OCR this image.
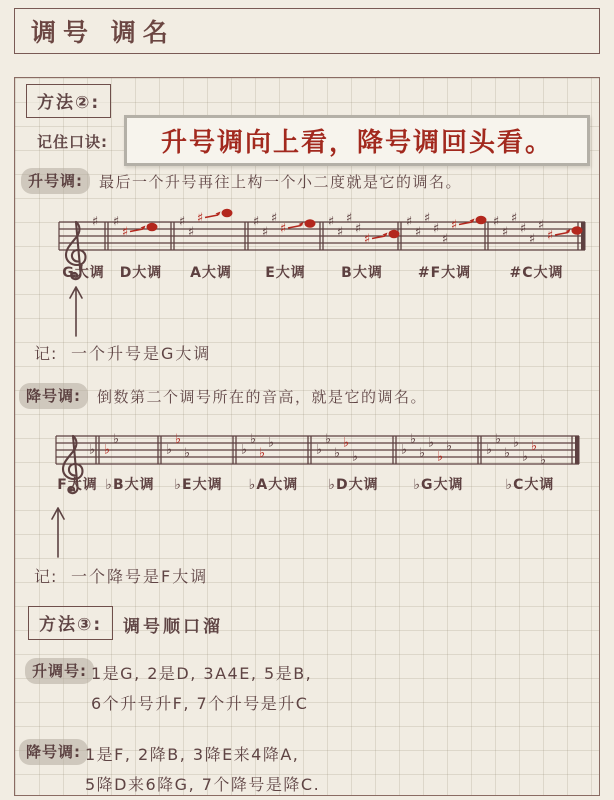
调号 调名
方法②:
记住口诀: 升号调向上看，降号调回头看。
升号调:	最后一个升号再往上构一个小二度就是它的调名。
♯
G大调
♯
♯
D大调
♯
♯
♯
A大调
♯
♯
♯
♯
E大调
♯
♯
♯
♯
♯
B大调
♯
♯
♯
♯
♯
♯
#F大调
♯
♯
♯
♯
♯
♯
♯
#C大调
记: 一个升号是G大调
降号调:	倒数第二个调号所在的音高，就是它的调名。
♭
F大调
♭
♭
♭B大调
♭
♭
♭
♭E大调
♭
♭
♭
♭
♭A大调
♭
♭
♭
♭
♭
♭D大调
♭
♭
♭
♭
♭
♭
♭G大调
♭
♭
♭
♭
♭
♭
♭
♭C大调
记: 一个降号是F大调
方法③:	调号顺口溜
升调号: 1是G, 2是D, 3A4E, 5是B,
6个升号升F, 7个升号是升C
降号调: 1是F, 2降B, 3降E来4降A,
5降D来6降G, 7个降号是降C.
